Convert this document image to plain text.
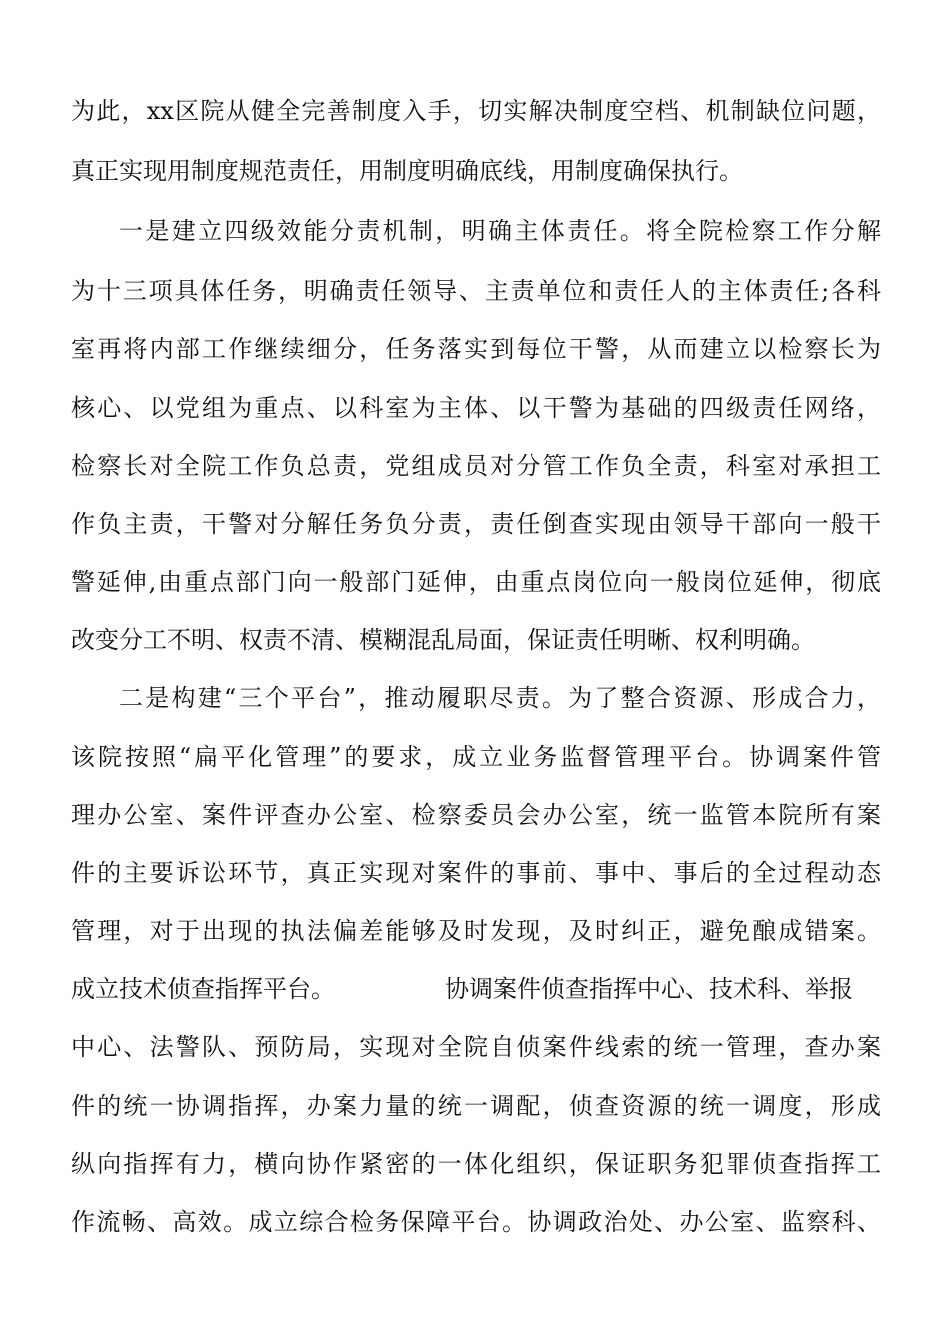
为此，xx区院从健全完善制度入手，切实解决制度空档、机制缺位问题，
真正实现用制度规范责任，用制度明确底线，用制度确保执行。
一是建立四级效能分责机制，明确主体责任。将全院检察工作分解
为十三项具体任务，明确责任领导、主责单位和责任人的主体责任;各科
室再将内部工作继续细分，任务落实到每位干警，从而建立以检察长为
核心、以党组为重点、以科室为主体、以干警为基础的四级责任网络，
检察长对全院工作负总责，党组成员对分管工作负全责，科室对承担工
作负主责，干警对分解任务负分责，责任倒查实现由领导干部向一般干
警延伸,由重点部门向一般部门延伸，由重点岗位向一般岗位延伸，彻底
改变分工不明、权责不清、模糊混乱局面，保证责任明晰、权利明确。
二是构建“三个平台”，推动履职尽责。为了整合资源、形成合力，
该院按照“扁平化管理”的要求，成立业务监督管理平台。协调案件管
理办公室、案件评查办公室、检察委员会办公室，统一监管本院所有案
件的主要诉讼环节，真正实现对案件的事前、事中、事后的全过程动态
管理，对于出现的执法偏差能够及时发现，及时纠正，避免酿成错案。
成立技术侦查指挥平台。	协调案件侦查指挥中心、技术科、举报
中心、法警队、预防局，实现对全院自侦案件线索的统一管理，查办案
件的统一协调指挥，办案力量的统一调配，侦查资源的统一调度，形成
纵向指挥有力，横向协作紧密的一体化组织，保证职务犯罪侦查指挥工
作流畅、高效。成立综合检务保障平台。协调政治处、办公室、监察科、
